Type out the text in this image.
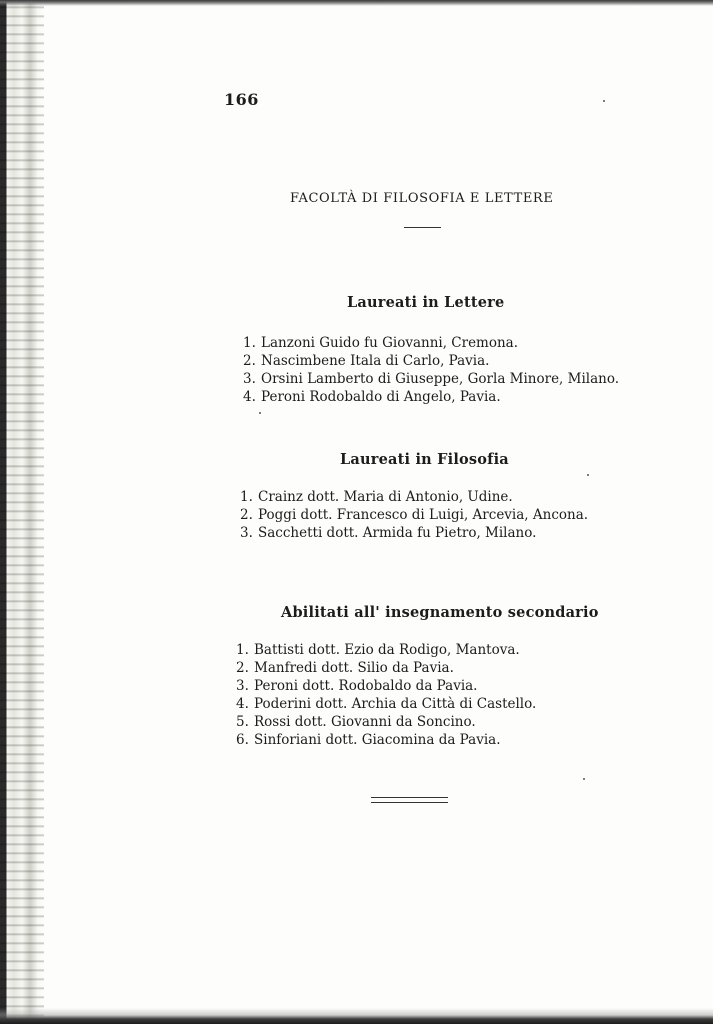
166
FACOLTÀ DI FILOSOFIA E LETTERE
Laureati in Lettere
1. Lanzoni Guido fu Giovanni, Cremona.
2. Nascimbene Itala di Carlo, Pavia.
3. Orsini Lamberto di Giuseppe, Gorla Minore, Milano.
4. Peroni Rodobaldo di Angelo, Pavia.
Laureati in Filosofia
1. Crainz dott. Maria di Antonio, Udine.
2. Poggi dott. Francesco di Luigi, Arcevia, Ancona.
3. Sacchetti dott. Armida fu Pietro, Milano.
Abilitati all' insegnamento secondario
1. Battisti dott. Ezio da Rodigo, Mantova.
2. Manfredi dott. Silio da Pavia.
3. Peroni dott. Rodobaldo da Pavia.
4. Poderini dott. Archia da Città di Castello.
5. Rossi dott. Giovanni da Soncino.
6. Sinforiani dott. Giacomina da Pavia.
